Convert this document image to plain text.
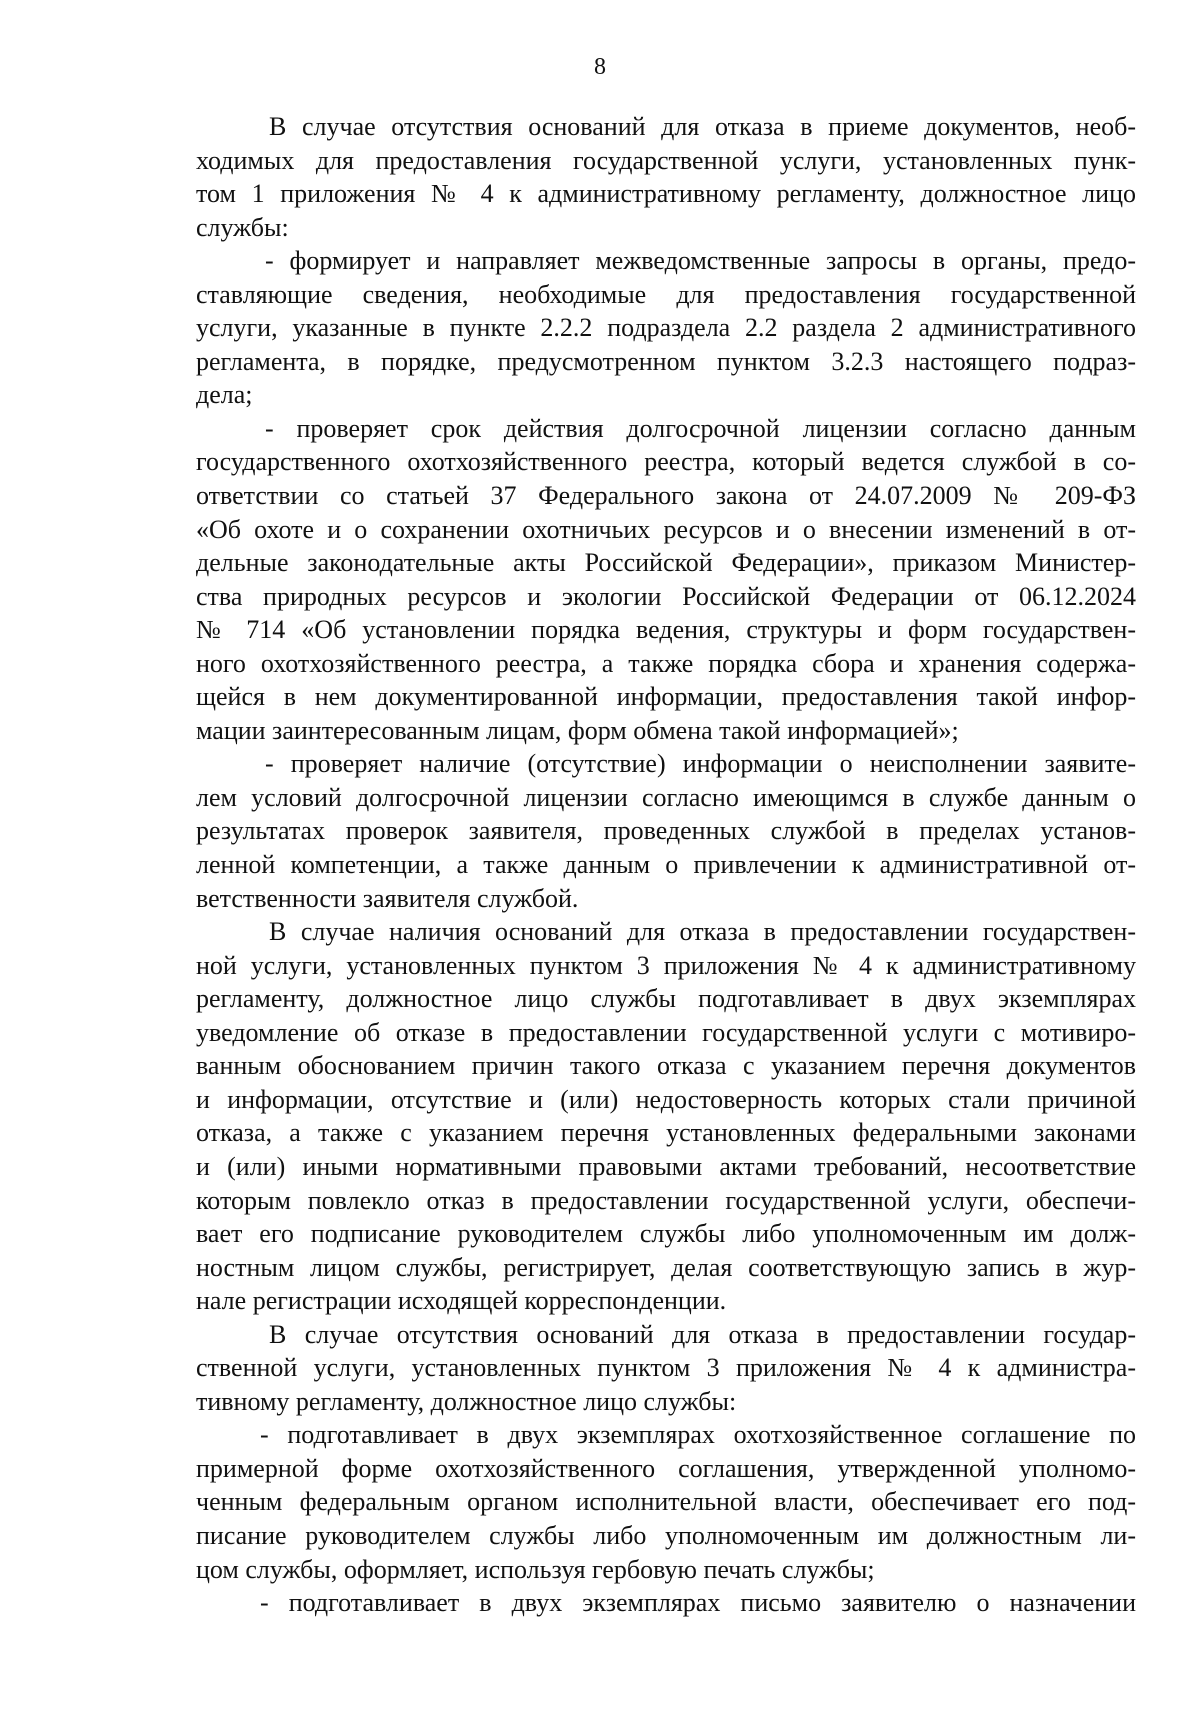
8
В случае отсутствия оснований для отказа в приеме документов, необ-
ходимых для предоставления государственной услуги, установленных пунк-
том 1 приложения № 4 к административному регламенту, должностное лицо
службы:
- формирует и направляет межведомственные запросы в органы, предо-
ставляющие сведения, необходимые для предоставления государственной
услуги, указанные в пункте 2.2.2 подраздела 2.2 раздела 2 административного
регламента, в порядке, предусмотренном пунктом 3.2.3 настоящего подраз-
дела;
- проверяет срок действия долгосрочной лицензии согласно данным
государственного охотхозяйственного реестра, который ведется службой в со-
ответствии со статьей 37 Федерального закона от 24.07.2009 № 209-ФЗ
«Об охоте и о сохранении охотничьих ресурсов и о внесении изменений в от-
дельные законодательные акты Российской Федерации», приказом Министер-
ства природных ресурсов и экологии Российской Федерации от 06.12.2024
№ 714 «Об установлении порядка ведения, структуры и форм государствен-
ного охотхозяйственного реестра, а также порядка сбора и хранения содержа-
щейся в нем документированной информации, предоставления такой инфор-
мации заинтересованным лицам, форм обмена такой информацией»;
- проверяет наличие (отсутствие) информации о неисполнении заявите-
лем условий долгосрочной лицензии согласно имеющимся в службе данным о
результатах проверок заявителя, проведенных службой в пределах установ-
ленной компетенции, а также данным о привлечении к административной от-
ветственности заявителя службой.
В случае наличия оснований для отказа в предоставлении государствен-
ной услуги, установленных пунктом 3 приложения № 4 к административному
регламенту, должностное лицо службы подготавливает в двух экземплярах
уведомление об отказе в предоставлении государственной услуги с мотивиро-
ванным обоснованием причин такого отказа с указанием перечня документов
и информации, отсутствие и (или) недостоверность которых стали причиной
отказа, а также с указанием перечня установленных федеральными законами
и (или) иными нормативными правовыми актами требований, несоответствие
которым повлекло отказ в предоставлении государственной услуги, обеспечи-
вает его подписание руководителем службы либо уполномоченным им долж-
ностным лицом службы, регистрирует, делая соответствующую запись в жур-
нале регистрации исходящей корреспонденции.
В случае отсутствия оснований для отказа в предоставлении государ-
ственной услуги, установленных пунктом 3 приложения № 4 к администра-
тивному регламенту, должностное лицо службы:
- подготавливает в двух экземплярах охотхозяйственное соглашение по
примерной форме охотхозяйственного соглашения, утвержденной уполномо-
ченным федеральным органом исполнительной власти, обеспечивает его под-
писание руководителем службы либо уполномоченным им должностным ли-
цом службы, оформляет, используя гербовую печать службы;
- подготавливает в двух экземплярах письмо заявителю о назначении
